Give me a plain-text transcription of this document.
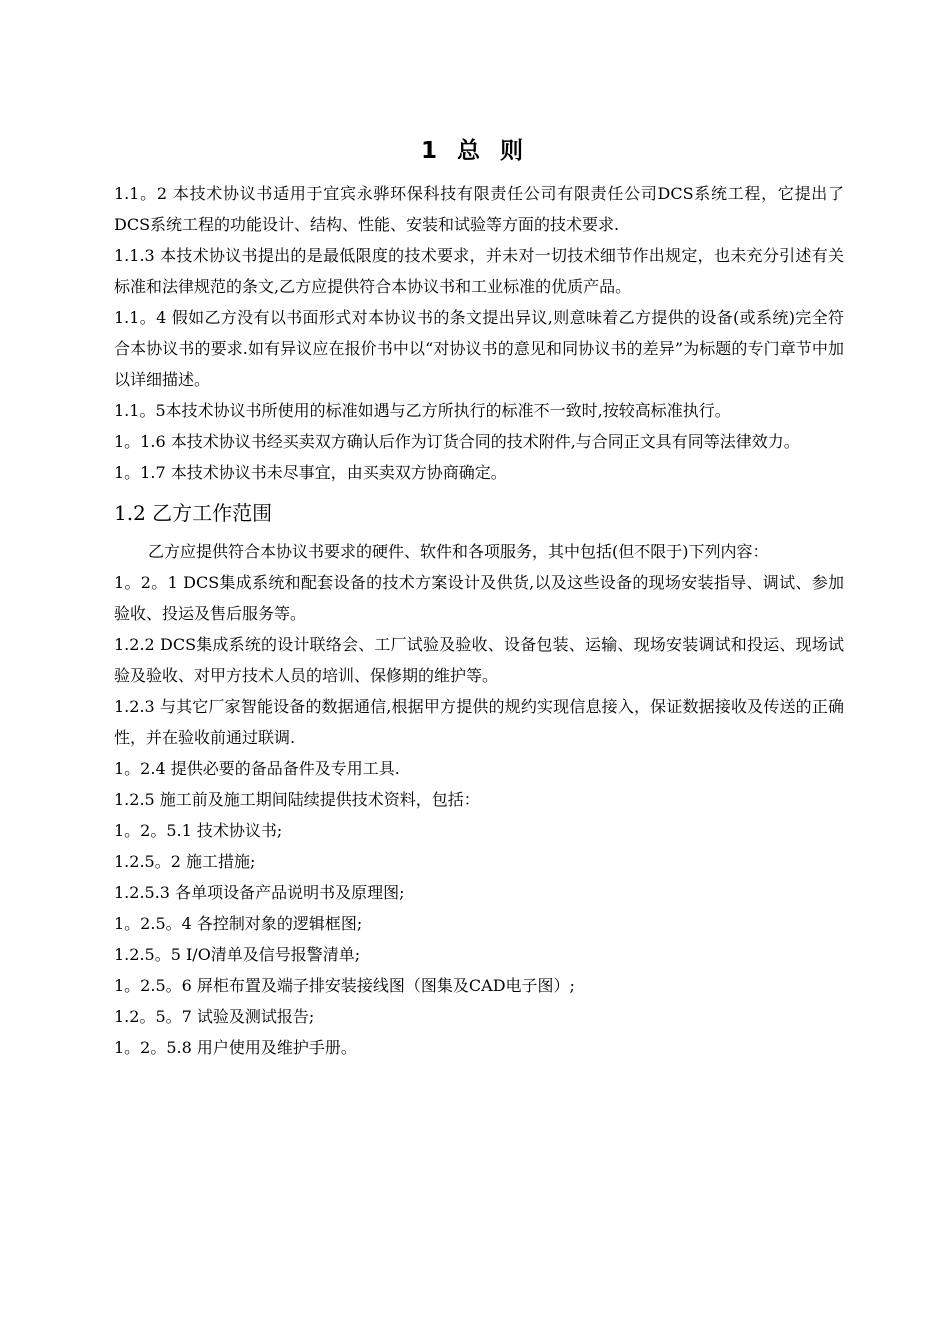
1 总 则

1.1。2 本技术协议书适用于宜宾永骅环保科技有限责任公司有限责任公司DCS系统工程，它提出了DCS系统工程的功能设计、结构、性能、安装和试验等方面的技术要求.

1.1.3 本技术协议书提出的是最低限度的技术要求，并未对一切技术细节作出规定，也未充分引述有关标准和法律规范的条文,乙方应提供符合本协议书和工业标准的优质产品。

1.1。4 假如乙方没有以书面形式对本协议书的条文提出异议,则意味着乙方提供的设备(或系统)完全符合本协议书的要求.如有异议应在报价书中以“对协议书的意见和同协议书的差异”为标题的专门章节中加以详细描述。

1.1。5本技术协议书所使用的标准如遇与乙方所执行的标准不一致时,按较高标准执行。

1。1.6 本技术协议书经买卖双方确认后作为订货合同的技术附件,与合同正文具有同等法律效力。

1。1.7 本技术协议书未尽事宜，由买卖双方协商确定。

1.2 乙方工作范围

乙方应提供符合本协议书要求的硬件、软件和各项服务，其中包括(但不限于)下列内容：

1。2。1 DCS集成系统和配套设备的技术方案设计及供货,以及这些设备的现场安装指导、调试、参加验收、投运及售后服务等。

1.2.2 DCS集成系统的设计联络会、工厂试验及验收、设备包装、运输、现场安装调试和投运、现场试验及验收、对甲方技术人员的培训、保修期的维护等。

1.2.3 与其它厂家智能设备的数据通信,根据甲方提供的规约实现信息接入，保证数据接收及传送的正确性，并在验收前通过联调.

1。2.4 提供必要的备品备件及专用工具.

1.2.5 施工前及施工期间陆续提供技术资料，包括：

1。2。5.1 技术协议书;

1.2.5。2 施工措施;

1.2.5.3 各单项设备产品说明书及原理图;

1。2.5。4 各控制对象的逻辑框图;

1.2.5。5 I/O清单及信号报警清单;

1。2.5。6 屏柜布置及端子排安装接线图（图集及CAD电子图）;

1.2。5。7 试验及测试报告;

1。2。5.8 用户使用及维护手册。
